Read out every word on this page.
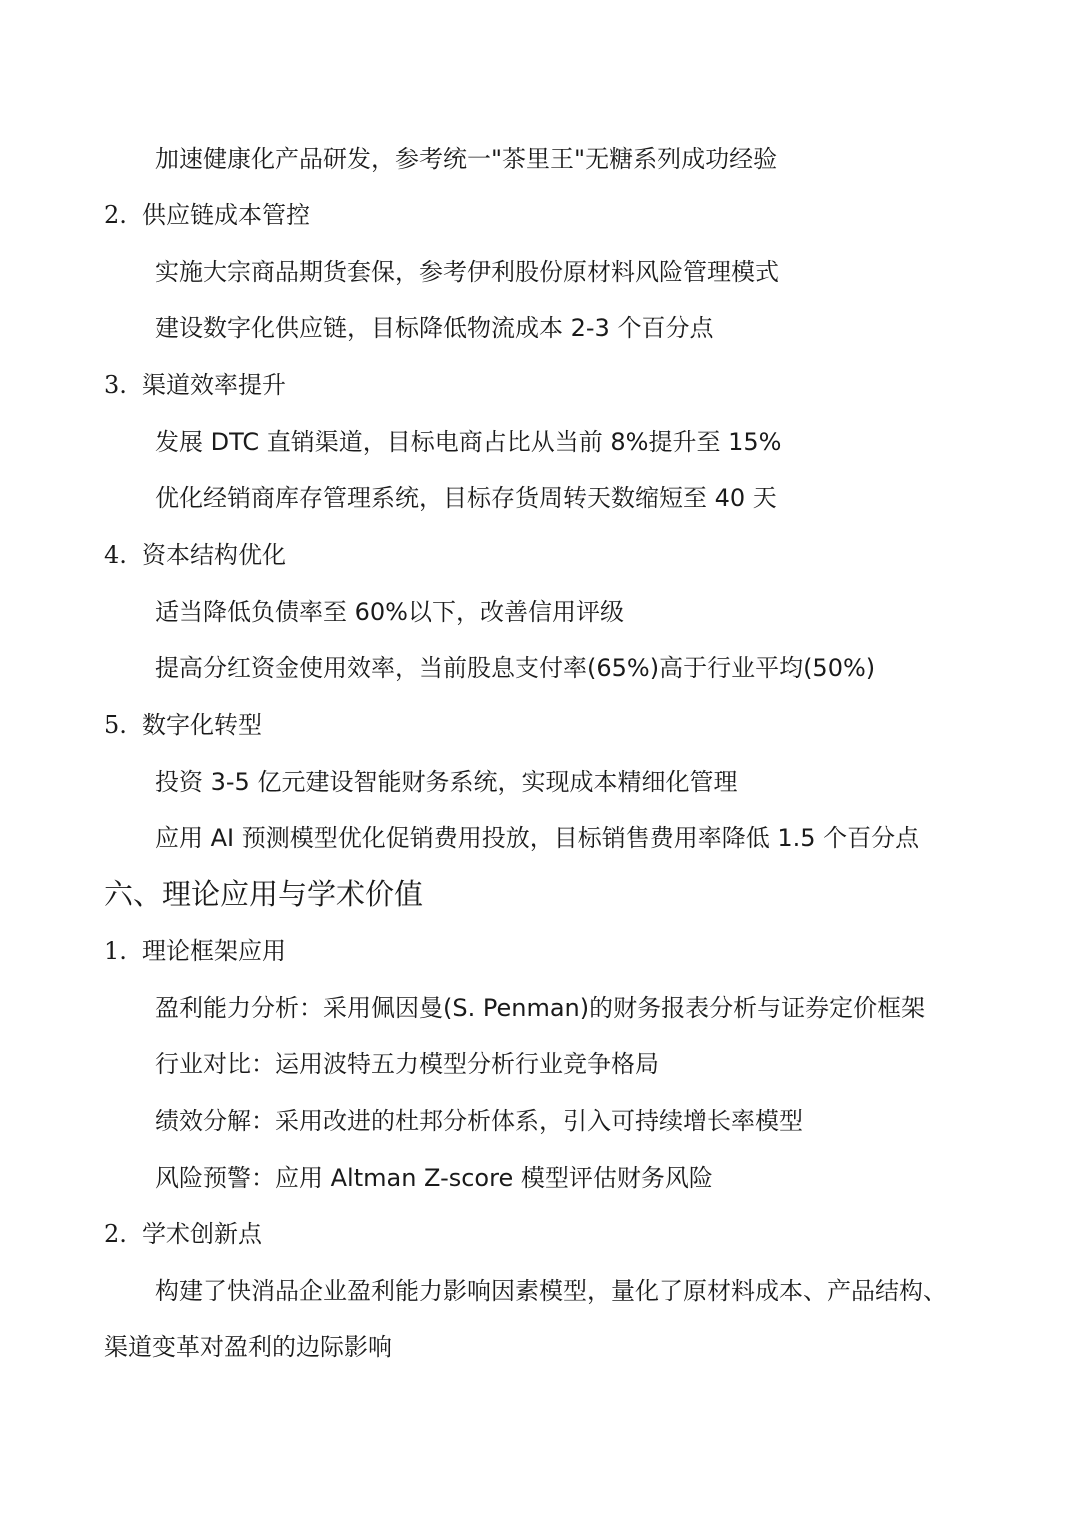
加速健康化产品研发，参考统一"茶里王"无糖系列成功经验
2. 供应链成本管控
实施大宗商品期货套保，参考伊利股份原材料风险管理模式
建设数字化供应链，目标降低物流成本 2-3 个百分点
3. 渠道效率提升
发展 DTC 直销渠道，目标电商占比从当前 8%提升至 15%
优化经销商库存管理系统，目标存货周转天数缩短至 40 天
4. 资本结构优化
适当降低负债率至 60%以下，改善信用评级
提高分红资金使用效率，当前股息支付率(65%)高于行业平均(50%)
5. 数字化转型
投资 3-5 亿元建设智能财务系统，实现成本精细化管理
应用 AI 预测模型优化促销费用投放，目标销售费用率降低 1.5 个百分点
六、理论应用与学术价值
1. 理论框架应用
盈利能力分析：采用佩因曼(S. Penman)的财务报表分析与证券定价框架
行业对比：运用波特五力模型分析行业竞争格局
绩效分解：采用改进的杜邦分析体系，引入可持续增长率模型
风险预警：应用 Altman Z-score 模型评估财务风险
2. 学术创新点
构建了快消品企业盈利能力影响因素模型，量化了原材料成本、产品结构、
渠道变革对盈利的边际影响
